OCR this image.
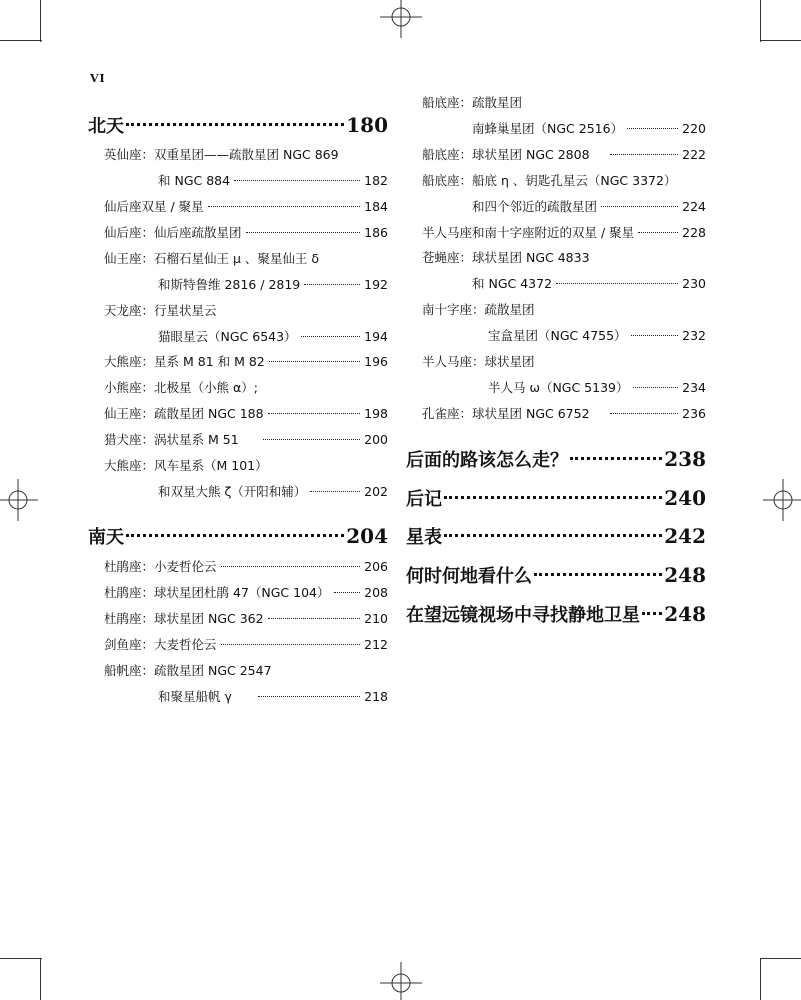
VI
北天	180
英仙座： 双重星团——疏散星团 NGC 869
和 NGC 884	182
仙后座双星 / 聚星	184
仙后座： 仙后座疏散星团	186
仙王座： 石榴石星仙王 μ 、聚星仙王 δ
和斯特鲁维 2816 / 2819	192
天龙座： 行星状星云
猫眼星云（NGC 6543）	194
大熊座： 星系 M 81 和 M 82	196
小熊座： 北极星（小熊 α）;
仙王座： 疏散星团 NGC 188	198
猎犬座： 涡状星系 M 51	200
大熊座： 风车星系（M 101）
和双星大熊 ζ（开阳和辅）	202
南天	204
杜鹃座： 小麦哲伦云	206
杜鹃座： 球状星团杜鹃 47（NGC 104）	208
杜鹃座： 球状星团 NGC 362	210
剑鱼座： 大麦哲伦云	212
船帆座： 疏散星团 NGC 2547
和聚星船帆 γ	218
船底座： 疏散星团
南蜂巢星团（NGC 2516）	220
船底座： 球状星团 NGC 2808	222
船底座： 船底 η 、钥匙孔星云（NGC 3372）
和四个邻近的疏散星团	224
半人马座和南十字座附近的双星 / 聚星	228
苍蝇座： 球状星团 NGC 4833
和 NGC 4372	230
南十字座： 疏散星团
宝盒星团（NGC 4755）	232
半人马座： 球状星团
半人马 ω（NGC 5139）	234
孔雀座： 球状星团 NGC 6752	236
后面的路该怎么走？	238
后记	240
星表	242
何时何地看什么	248
在望远镜视场中寻找静地卫星 248
